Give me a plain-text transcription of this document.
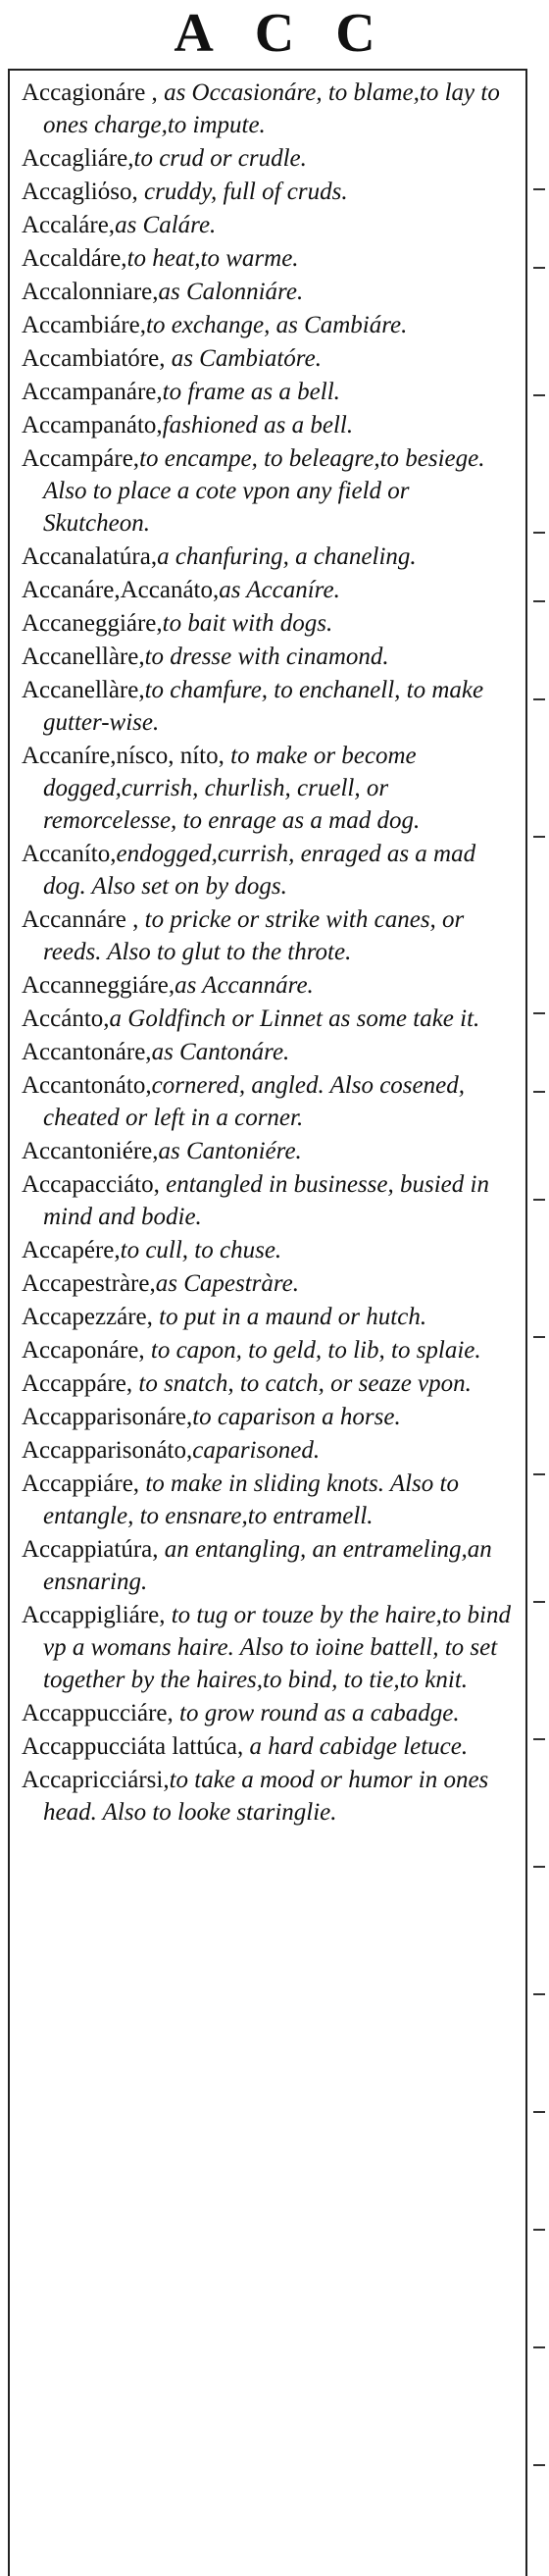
ACC

Accagionáre , as Occasionáre, to blame,to lay to ones charge,to impute.

Accagliáre,to crud or crudle.

Accagliόso, cruddy, full of cruds.

Accaláre,as Caláre.

Accaldáre,to heat,to warme.

Accalonniare,as Calonniáre.

Accambiáre,to exchange, as Cambiáre.

Accambiatóre, as Cambiatóre.

Accampanáre,to frame as a bell.

Accampanáto,fashioned as a bell.

Accampáre,to encampe, to beleagre,to besiege. Also to place a cote vpon any field or Skutcheon.

Accanalatúra,a chanfuring, a chaneling.

Accanáre,Accanáto,as Accaníre.

Accaneggiáre,to bait with dogs.

Accanellàre,to dresse with cinamond.

Accanellàre,to chamfure, to enchanell, to make gutter-wise.

Accaníre,nísco, níto, to make or become dogged,currish, churlish, cruell, or remorcelesse, to enrage as a mad dog.

Accaníto,endogged,currish, enraged as a mad dog. Also set on by dogs.

Accannáre , to pricke or strike with canes, or reeds. Also to glut to the throte.

Accanneggiáre,as Accannáre.

Accánto,a Goldfinch or Linnet as some take it.

Accantonáre,as Cantonáre.

Accantonáto,cornered, angled. Also cosened, cheated or left in a corner.

Accantoniére,as Cantoniére.

Accapacciáto, entangled in businesse, busied in mind and bodie.

Accapére,to cull, to chuse.

Accapestràre,as Capestràre.

Accapezzáre, to put in a maund or hutch.

Accaponáre, to capon, to geld, to lib, to splaie.

Accappáre, to snatch, to catch, or seaze vpon.

Accapparisonáre,to caparison a horse.

Accapparisonáto,caparisoned.

Accappiáre, to make in sliding knots. Also to entangle, to ensnare,to entramell.

Accappiatúra, an entangling, an entrameling,an ensnaring.

Accappigliáre, to tug or touze by the haire,to bind vp a womans haire. Also to ioine battell, to set together by the haires,to bind, to tie,to knit.

Accappucciáre, to grow round as a cabadge.

Accappucciáta lattúca, a hard cabidge letuce.

Accapricciársi,to take a mood or humor in ones head. Also to looke staringlie.
